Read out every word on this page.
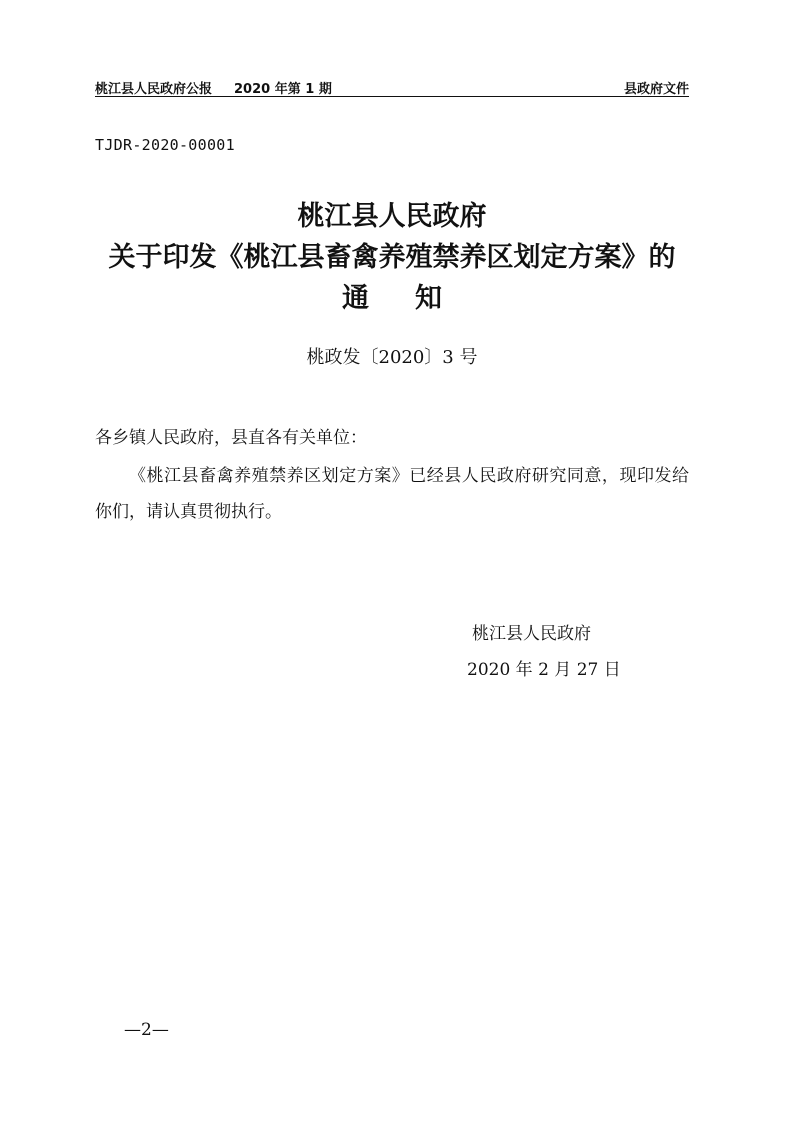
桃江县人民政府公报 2020 年第 1 期	县政府文件
TJDR-2020-00001
桃江县人民政府
关于印发《桃江县畜禽养殖禁养区划定方案》的
通知
桃政发〔2020〕3 号
各乡镇人民政府，县直各有关单位：
《桃江县畜禽养殖禁养区划定方案》已经县人民政府研究同意，现印发给你们，请认真贯彻执行。
桃江县人民政府
2020 年 2 月 27 日
—2—
